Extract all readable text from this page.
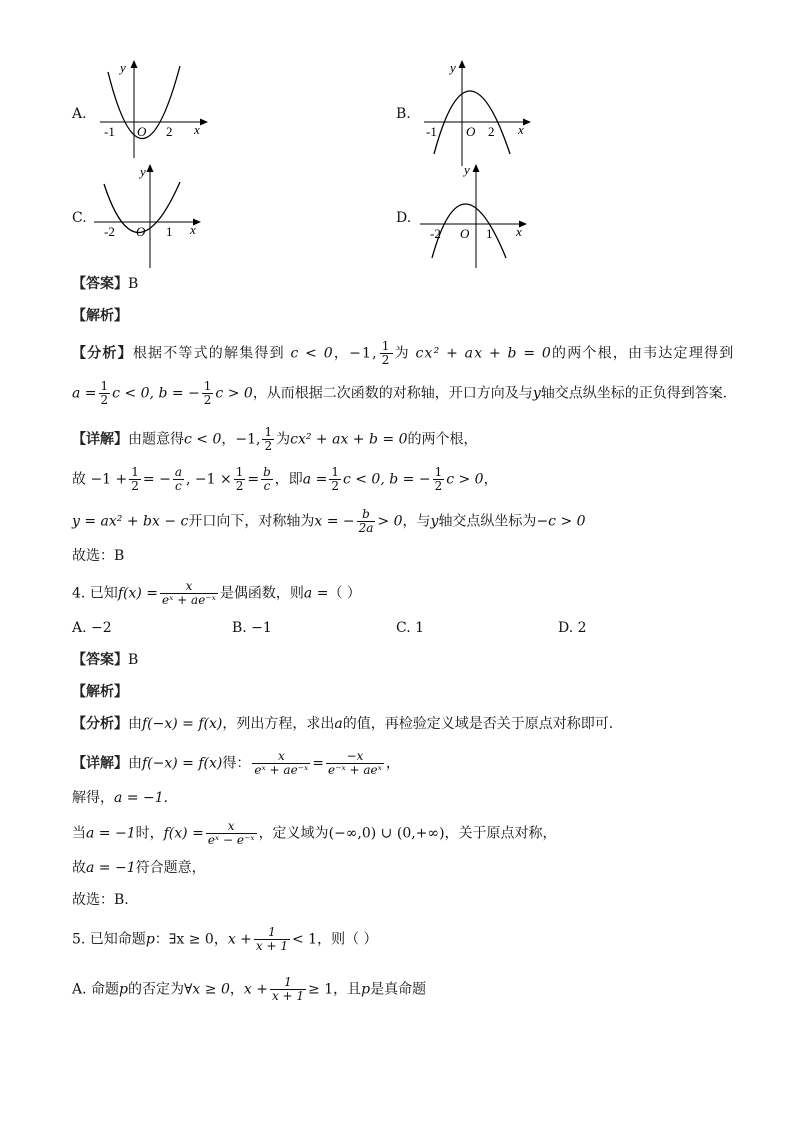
A.
y
x
O
-1	2
B.
y
x
O
-1	2
C.
y
x
O
-2	1
D.
y
x
O
-2	1
【答案】B
【解析】
【分析】根据不等式的解集得到 c < 0，−1, $\frac{1}{2}$ 为 cx² + ax + b = 0的两个根，由韦达定理得到
$a = \frac{1}{2}$ c < 0, b = − $\frac{1}{2}$ c > 0，从而根据二次函数的对称轴，开口方向及与y轴交点纵坐标的正负得到答案.
【详解】由题意得c < 0，−1, $\frac{1}{2}$ 为cx² + ax + b = 0的两个根，
故 $-1 + \frac{1}{2}$ = − $\frac{a}{c}$ , $-1 \times \frac{1}{2} = \frac{b}{c}$ ，即$a = \frac{1}{2}$ c < 0, b = − $\frac{1}{2}$ c > 0，
y = ax² + bx − c开口向下，对称轴为x = − $\frac{b}{2a} > 0$，与y轴交点纵坐标为−c > 0
故选：B
4. 已知$f(x) = \frac{x}{\text{eˣ + ae⁻ˣ}}$ 是偶函数，则a =（ ）
A. −2	B. −1	C. 1	D. 2
【答案】B
【解析】
【分析】由f(−x) = f(x)，列出方程，求出a的值，再检验定义域是否关于原点对称即可.
【详解】由f(−x) = f(x)得： $\frac{x}{\text{eˣ + ae⁻ˣ}} = \frac{-x}{\text{e⁻ˣ + aeˣ}}$ ，
解得，a = −1.
当a = −1时，$f(x) = \frac{x}{\text{eˣ − e⁻ˣ}}$ ，定义域为(−∞,0) ∪ (0,+∞)，关于原点对称，
故a = −1符合题意，
故选：B.
5. 已知命题p：∃x ≥ 0，$x + \frac{1}{x + 1} < 1$，则（ ）
A. 命题p的否定为∀x ≥ 0，$x + \frac{1}{x + 1} \ge 1$，且p是真命题
